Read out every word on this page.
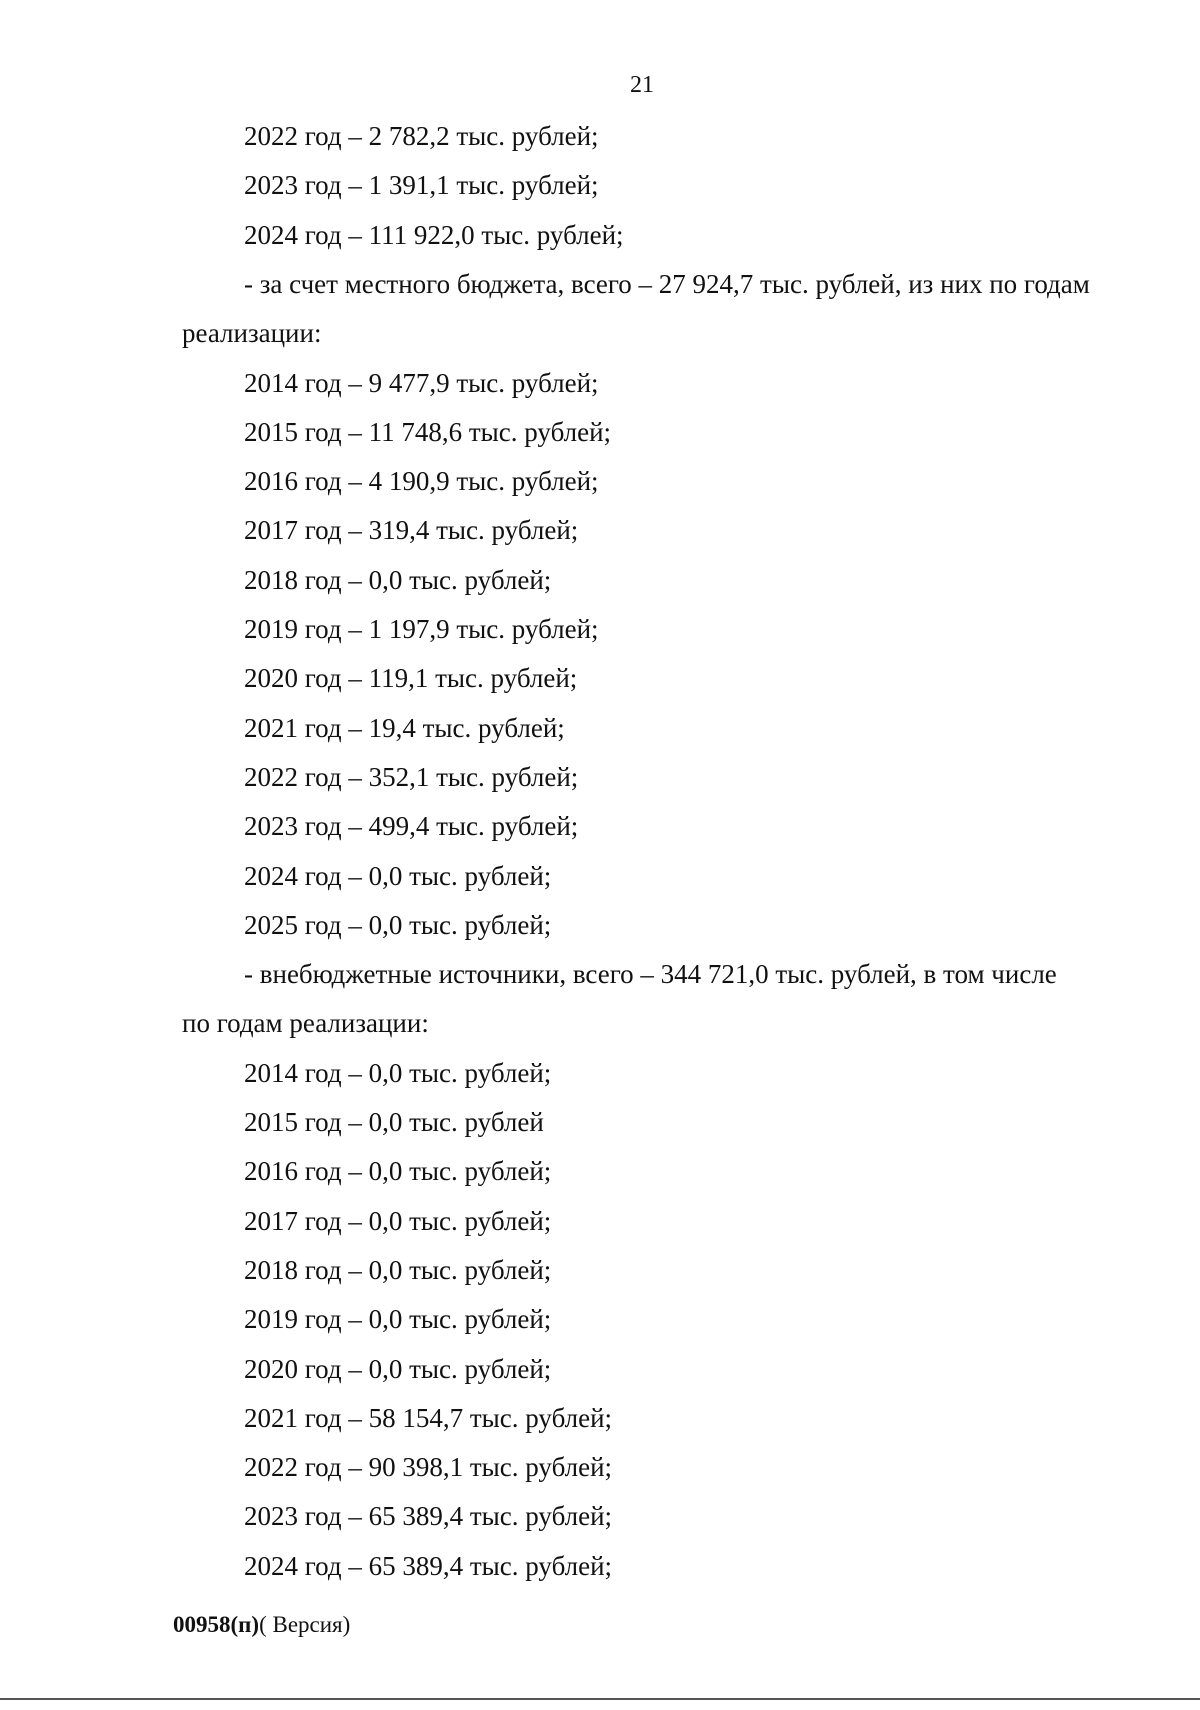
21
2022 год – 2 782,2 тыс. рублей;
2023 год – 1 391,1 тыс. рублей;
2024 год – 111 922,0 тыс. рублей;
- за счет местного бюджета, всего – 27 924,7 тыс. рублей, из них по годам
реализации:
2014 год – 9 477,9 тыс. рублей;
2015 год – 11 748,6 тыс. рублей;
2016 год – 4 190,9 тыс. рублей;
2017 год – 319,4 тыс. рублей;
2018 год – 0,0 тыс. рублей;
2019 год – 1 197,9 тыс. рублей;
2020 год – 119,1 тыс. рублей;
2021 год – 19,4 тыс. рублей;
2022 год – 352,1 тыс. рублей;
2023 год – 499,4 тыс. рублей;
2024 год – 0,0 тыс. рублей;
2025 год – 0,0 тыс. рублей;
- внебюджетные источники, всего – 344 721,0 тыс. рублей, в том числе
по годам реализации:
2014 год – 0,0 тыс. рублей;
2015 год – 0,0 тыс. рублей
2016 год – 0,0 тыс. рублей;
2017 год – 0,0 тыс. рублей;
2018 год – 0,0 тыс. рублей;
2019 год – 0,0 тыс. рублей;
2020 год – 0,0 тыс. рублей;
2021 год – 58 154,7 тыс. рублей;
2022 год – 90 398,1 тыс. рублей;
2023 год – 65 389,4 тыс. рублей;
2024 год – 65 389,4 тыс. рублей;
00958(п)( Версия)
